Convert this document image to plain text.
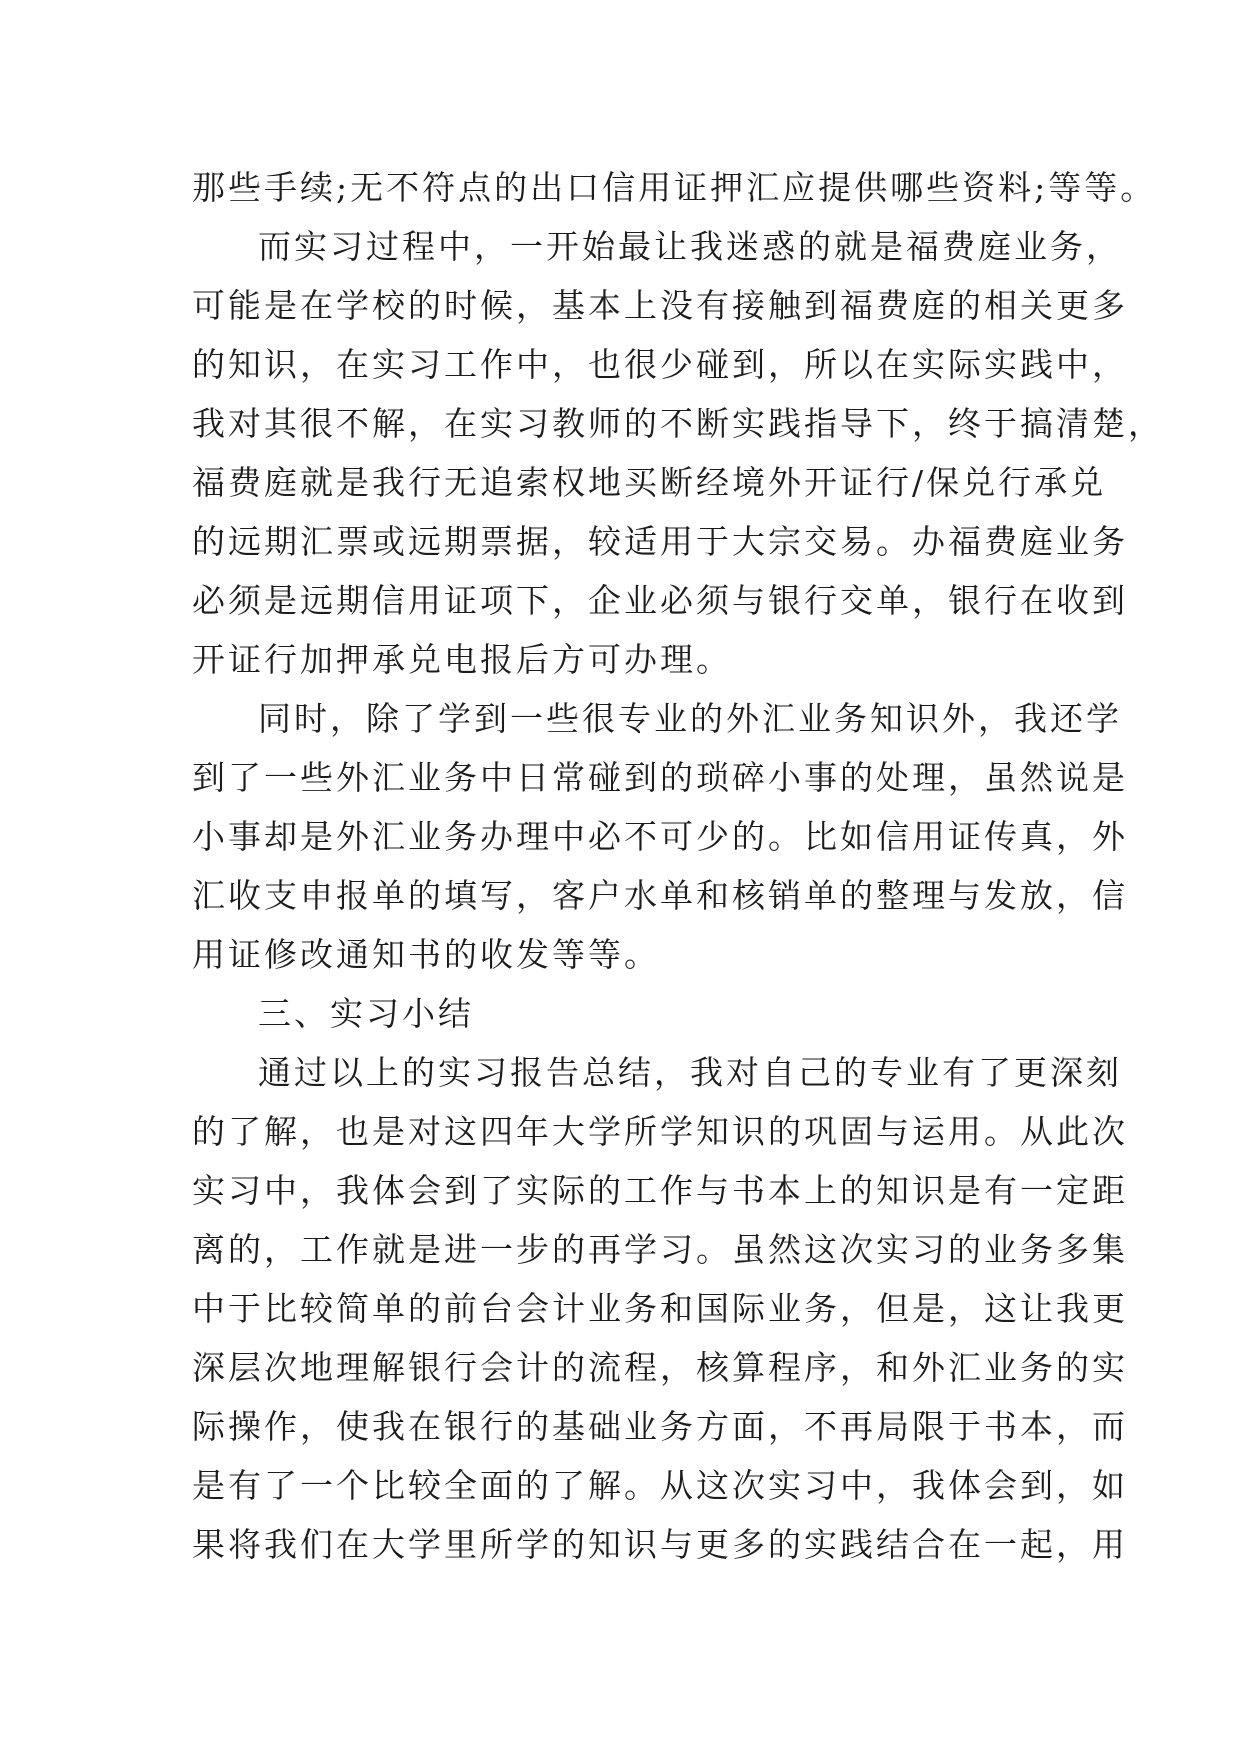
那些手续;无不符点的出口信用证押汇应提供哪些资料;等等。
而实习过程中，一开始最让我迷惑的就是福费庭业务，
可能是在学校的时候，基本上没有接触到福费庭的相关更多
的知识，在实习工作中，也很少碰到，所以在实际实践中，
我对其很不解，在实习教师的不断实践指导下，终于搞清楚，
福费庭就是我行无追索权地买断经境外开证行/保兑行承兑
的远期汇票或远期票据，较适用于大宗交易。办福费庭业务
必须是远期信用证项下，企业必须与银行交单，银行在收到
开证行加押承兑电报后方可办理。
同时，除了学到一些很专业的外汇业务知识外，我还学
到了一些外汇业务中日常碰到的琐碎小事的处理，虽然说是
小事却是外汇业务办理中必不可少的。比如信用证传真，外
汇收支申报单的填写，客户水单和核销单的整理与发放，信
用证修改通知书的收发等等。
三、实习小结
通过以上的实习报告总结，我对自己的专业有了更深刻
的了解，也是对这四年大学所学知识的巩固与运用。从此次
实习中，我体会到了实际的工作与书本上的知识是有一定距
离的，工作就是进一步的再学习。虽然这次实习的业务多集
中于比较简单的前台会计业务和国际业务，但是，这让我更
深层次地理解银行会计的流程，核算程序，和外汇业务的实
际操作，使我在银行的基础业务方面，不再局限于书本，而
是有了一个比较全面的了解。从这次实习中，我体会到，如
果将我们在大学里所学的知识与更多的实践结合在一起，用
